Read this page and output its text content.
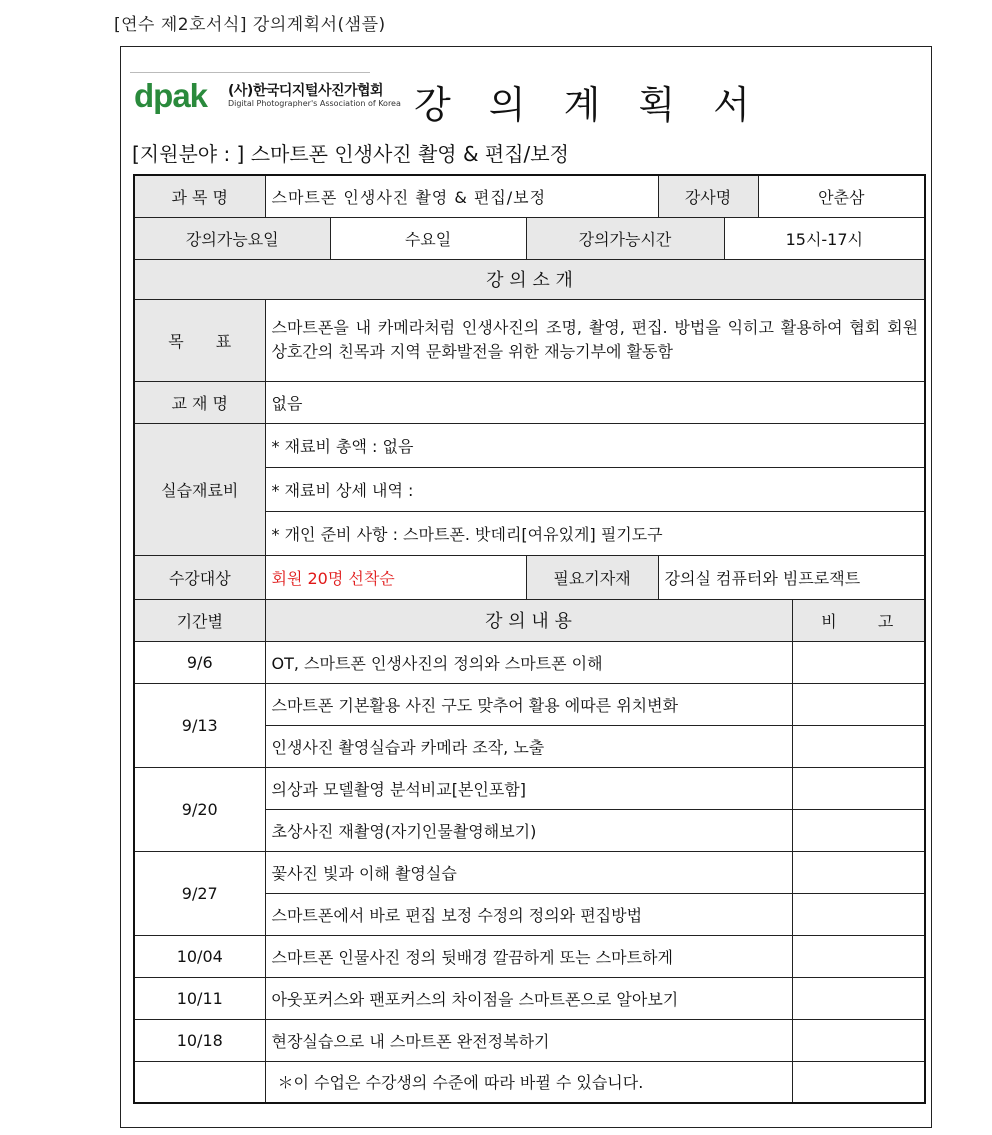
[연수 제2호서식] 강의계획서(샘플)
dpak (사)한국디지털사진가협회
Digital Photographer's Association of Korea 강 의 계 획 서
[지원분야 : ] 스마트폰 인생사진 촬영 & 편집/보정
과 목 명	스마트폰 인생사진 촬영 & 편집/보정			강사명		안춘삼	
강의가능요일		수요일	강의가능시간		15시-17시		
강 의 소 개							
목　　표	스마트폰을 내 카메라처럼 인생사진의 조명, 촬영, 편집. 방법을 익히고 활용하여 협회 회원 상호간의 친목과 지역 문화발전을 위한 재능기부에 활동함						
교 재 명	없음						
실습재료비	* 재료비 총액 : 없음						
	* 재료비 상세 내역 :						
	* 개인 준비 사항 : 스마트폰. 밧데리[여유있게] 필기도구						
수강대상	회원 20명 선착순		필요기자재	강의실 컴퓨터와 빔프로잭트			
기간별	강 의 내 용						비 고
9/6	OT, 스마트폰 인생사진의 정의와 스마트폰 이해						
9/13	스마트폰 기본활용 사진 구도 맞추어 활용 에따른 위치변화						
	인생사진 촬영실습과 카메라 조작, 노출						
9/20	의상과 모델촬영 분석비교[본인포함]						
	초상사진 재촬영(자기인물촬영해보기)						
9/27	꽃사진 빛과 이해 촬영실습						
	스마트폰에서 바로 편집 보정 수정의 정의와 편집방법						
10/04	스마트폰 인물사진 정의 뒷배경 깔끔하게 또는 스마트하게						
10/11	아웃포커스와 팬포커스의 차이점을 스마트폰으로 알아보기						
10/18	현장실습으로 내 스마트폰 완전정복하기						
	＊이 수업은 수강생의 수준에 따라 바뀔 수 있습니다.						
